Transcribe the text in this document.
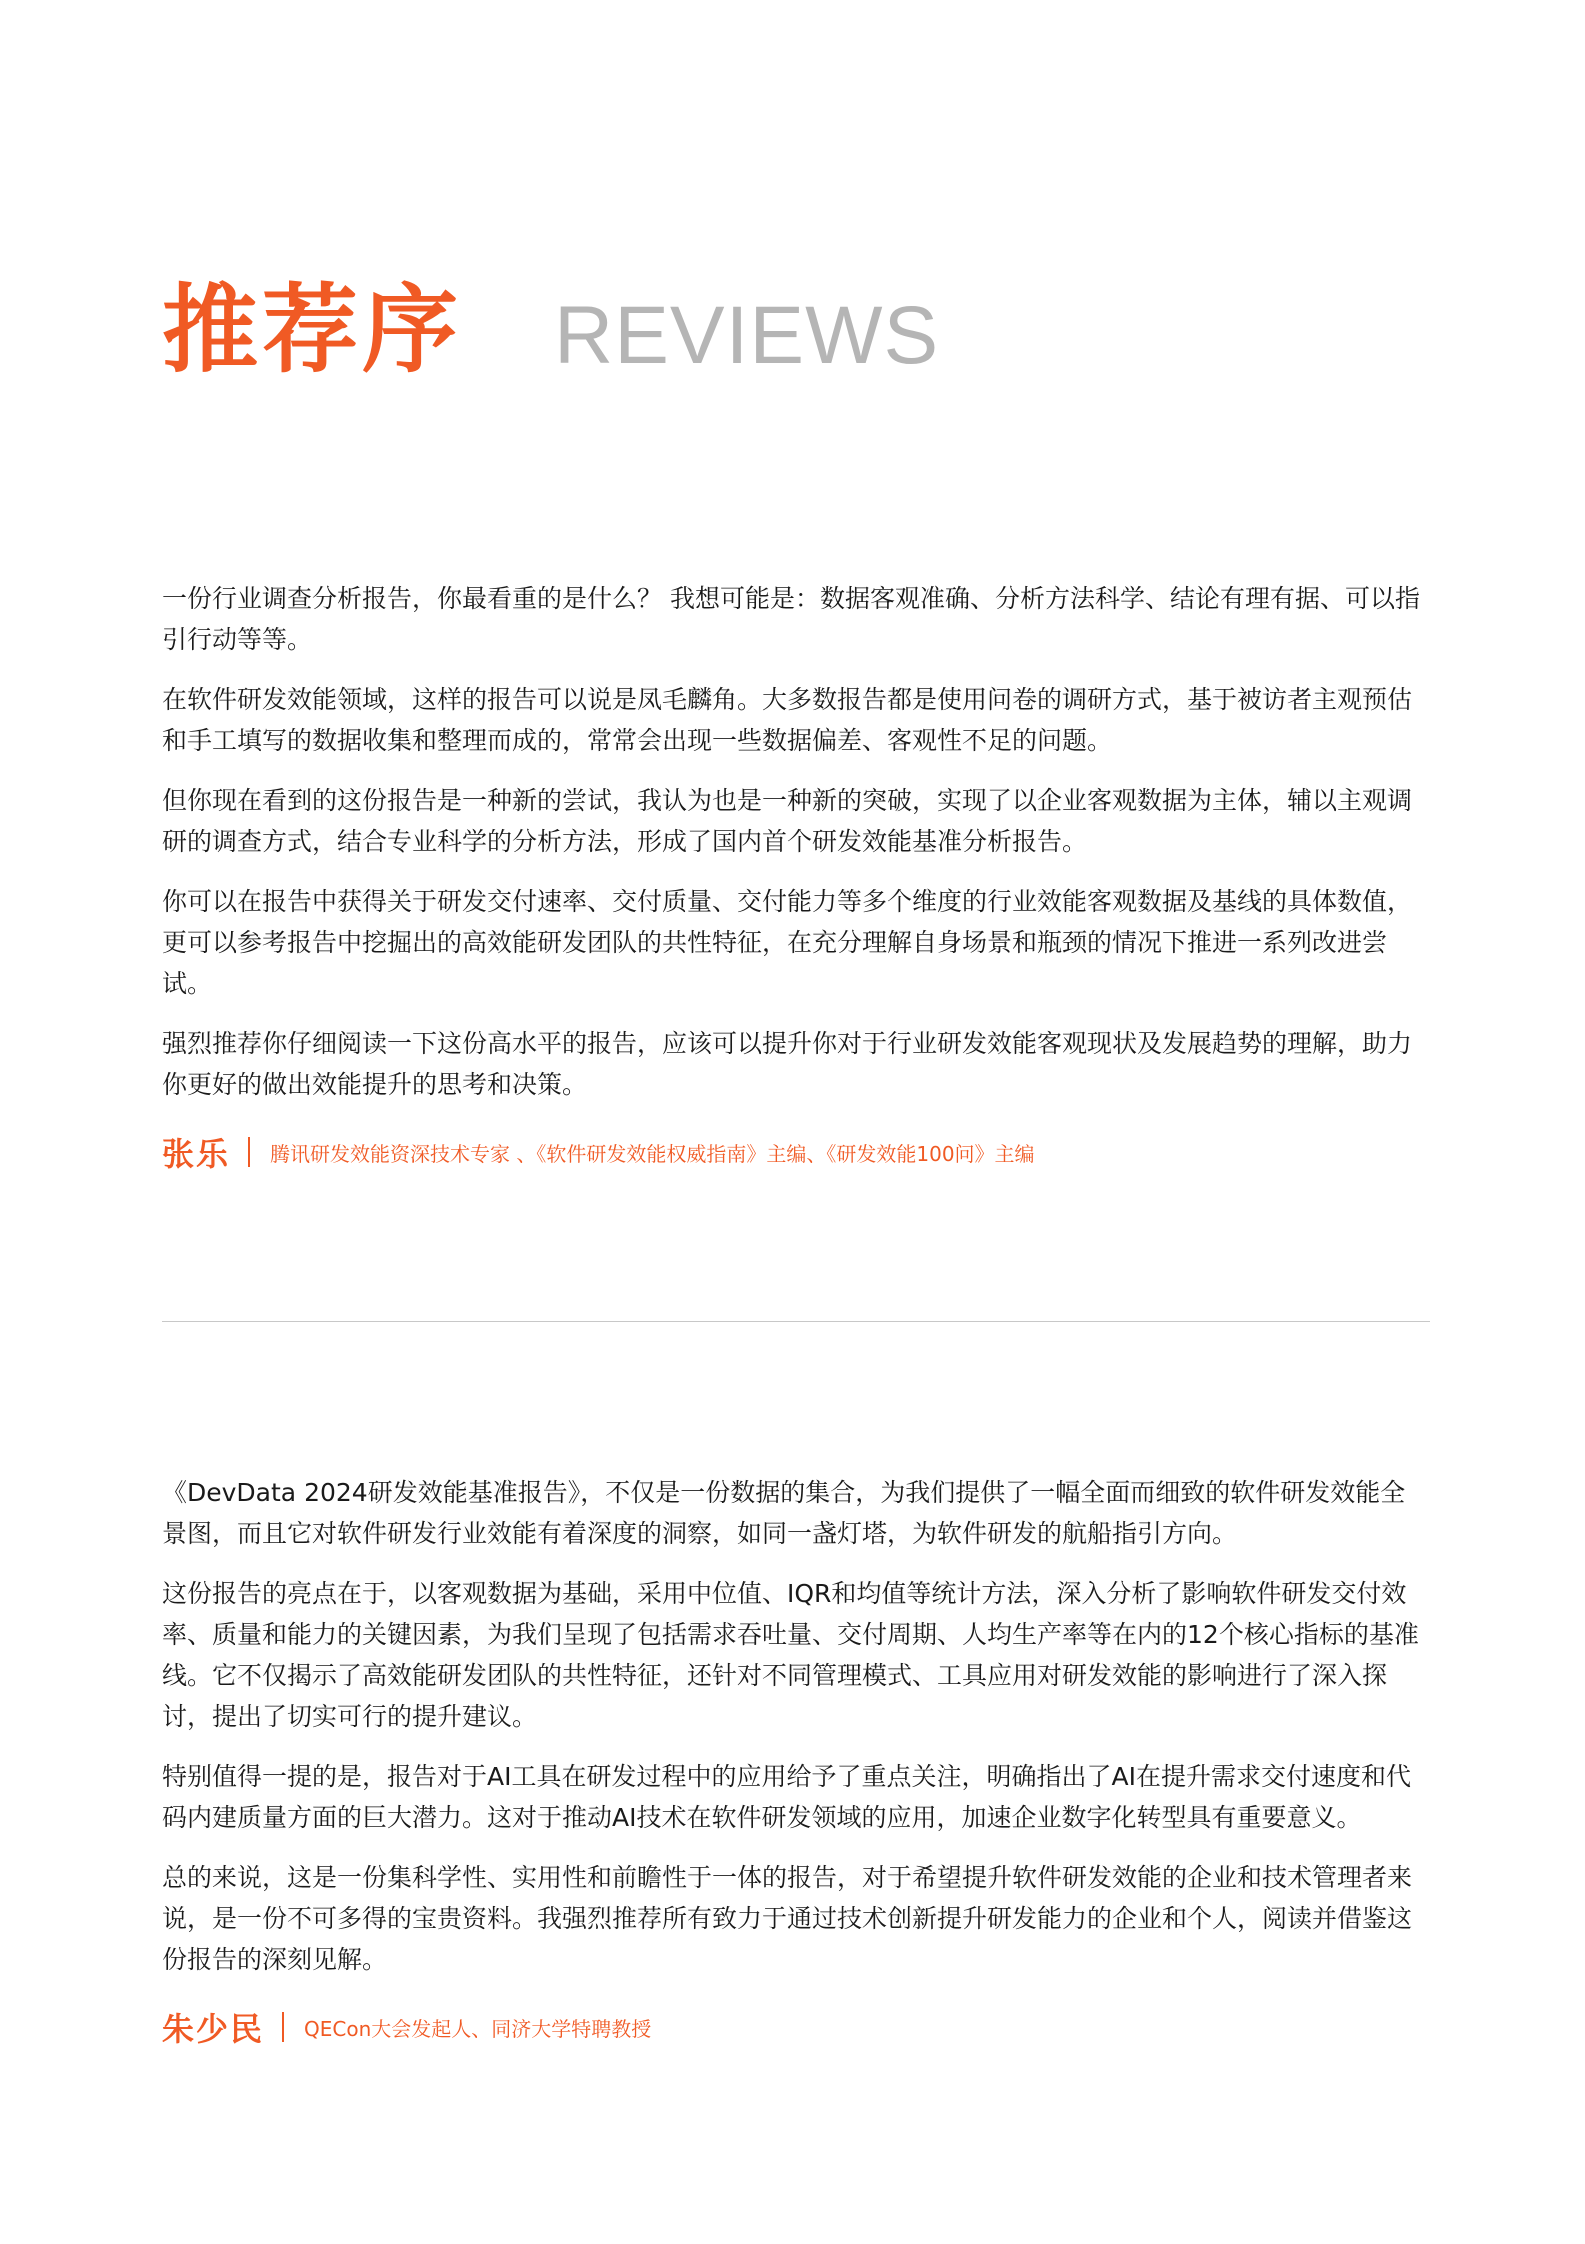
推荐序 REVIEWS

一份行业调查分析报告，你最看重的是什么？ 我想可能是：数据客观准确、分析方法科学、结论有理有据、可以指引行动等等。

在软件研发效能领域，这样的报告可以说是凤毛麟角。大多数报告都是使用问卷的调研方式，基于被访者主观预估和手工填写的数据收集和整理而成的，常常会出现一些数据偏差、客观性不足的问题。

但你现在看到的这份报告是一种新的尝试，我认为也是一种新的突破，实现了以企业客观数据为主体，辅以主观调研的调查方式，结合专业科学的分析方法，形成了国内首个研发效能基准分析报告。

你可以在报告中获得关于研发交付速率、交付质量、交付能力等多个维度的行业效能客观数据及基线的具体数值，更可以参考报告中挖掘出的高效能研发团队的共性特征，在充分理解自身场景和瓶颈的情况下推进一系列改进尝试。

强烈推荐你仔细阅读一下这份高水平的报告，应该可以提升你对于行业研发效能客观现状及发展趋势的理解，助力你更好的做出效能提升的思考和决策。

张乐 腾讯研发效能资深技术专家 、《软件研发效能权威指南》主编、《研发效能100问》主编

《DevData 2024研发效能基准报告》，不仅是一份数据的集合，为我们提供了一幅全面而细致的软件研发效能全景图，而且它对软件研发行业效能有着深度的洞察，如同一盏灯塔，为软件研发的航船指引方向。

这份报告的亮点在于，以客观数据为基础，采用中位值、IQR和均值等统计方法，深入分析了影响软件研发交付效率、质量和能力的关键因素，为我们呈现了包括需求吞吐量、交付周期、人均生产率等在内的12个核心指标的基准线。它不仅揭示了高效能研发团队的共性特征，还针对不同管理模式、工具应用对研发效能的影响进行了深入探讨，提出了切实可行的提升建议。

特别值得一提的是，报告对于AI工具在研发过程中的应用给予了重点关注，明确指出了AI在提升需求交付速度和代码内建质量方面的巨大潜力。这对于推动AI技术在软件研发领域的应用，加速企业数字化转型具有重要意义。

总的来说，这是一份集科学性、实用性和前瞻性于一体的报告，对于希望提升软件研发效能的企业和技术管理者来说，是一份不可多得的宝贵资料。我强烈推荐所有致力于通过技术创新提升研发能力的企业和个人，阅读并借鉴这份报告的深刻见解。

朱少民 QECon大会发起人、同济大学特聘教授
